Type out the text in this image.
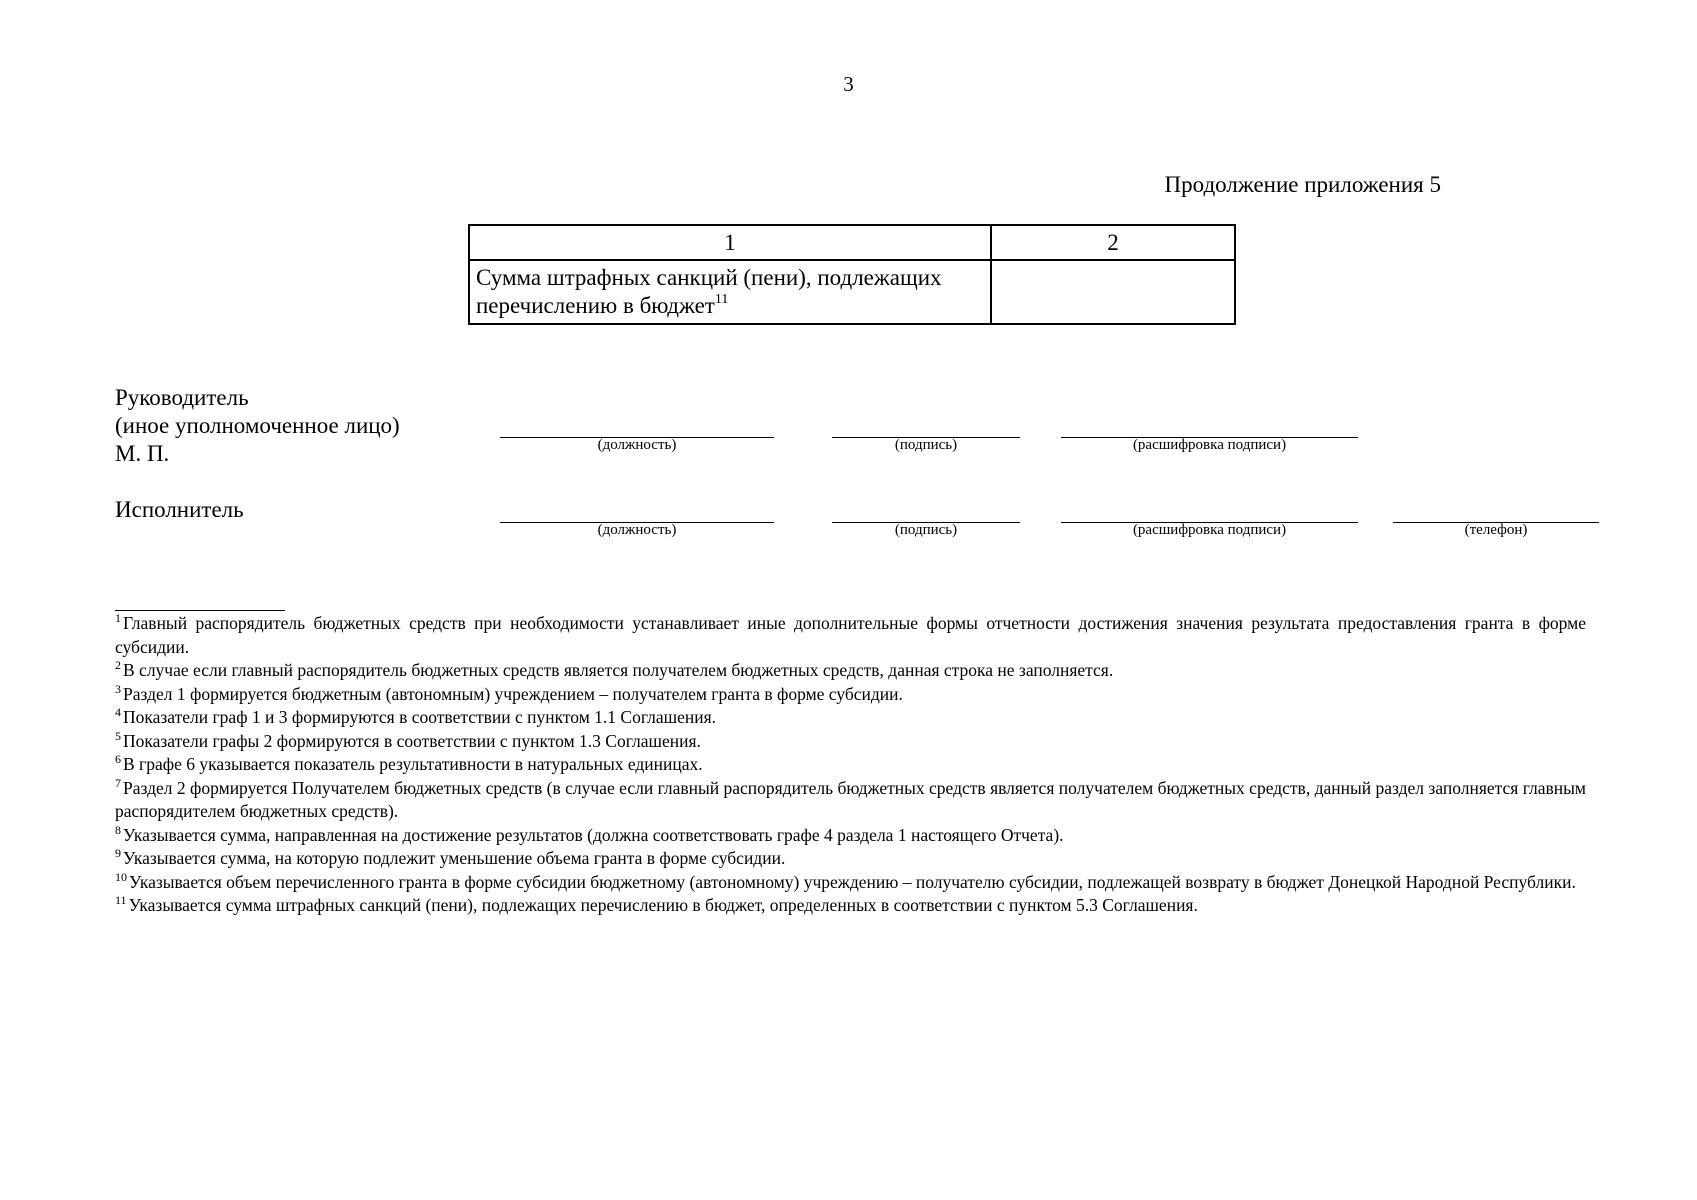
3
Продолжение приложения 5
1	2
Сумма штрафных санкций (пени), подлежащих перечислению в бюджет$^{11}$	
Руководитель
(иное уполномоченное лицо)
М. П.	(должность)	(подпись)	(расшифровка подписи)
Исполнитель
(должность)	(подпись)	(расшифровка подписи)	(телефон)
$^1$ Главный распорядитель бюджетных средств при необходимости устанавливает иные дополнительные формы отчетности достижения значения результата предоставления гранта в форме субсидии.
$^2$ В случае если главный распорядитель бюджетных средств является получателем бюджетных средств, данная строка не заполняется.
$^3$ Раздел 1 формируется бюджетным (автономным) учреждением – получателем гранта в форме субсидии.
$^4$ Показатели граф 1 и 3 формируются в соответствии с пунктом 1.1 Соглашения.
$^5$ Показатели графы 2 формируются в соответствии с пунктом 1.3 Соглашения.
$^6$ В графе 6 указывается показатель результативности в натуральных единицах.
$^7$ Раздел 2 формируется Получателем бюджетных средств (в случае если главный распорядитель бюджетных средств является получателем бюджетных средств, данный раздел заполняется главным распорядителем бюджетных средств).
$^8$ Указывается сумма, направленная на достижение результатов (должна соответствовать графе 4 раздела 1 настоящего Отчета).
$^9$ Указывается сумма, на которую подлежит уменьшение объема гранта в форме субсидии.
$^{10}$ Указывается объем перечисленного гранта в форме субсидии бюджетному (автономному) учреждению – получателю субсидии, подлежащей возврату в бюджет Донецкой Народной Республики.
$^{11}$ Указывается сумма штрафных санкций (пени), подлежащих перечислению в бюджет, определенных в соответствии с пунктом 5.3 Соглашения.
